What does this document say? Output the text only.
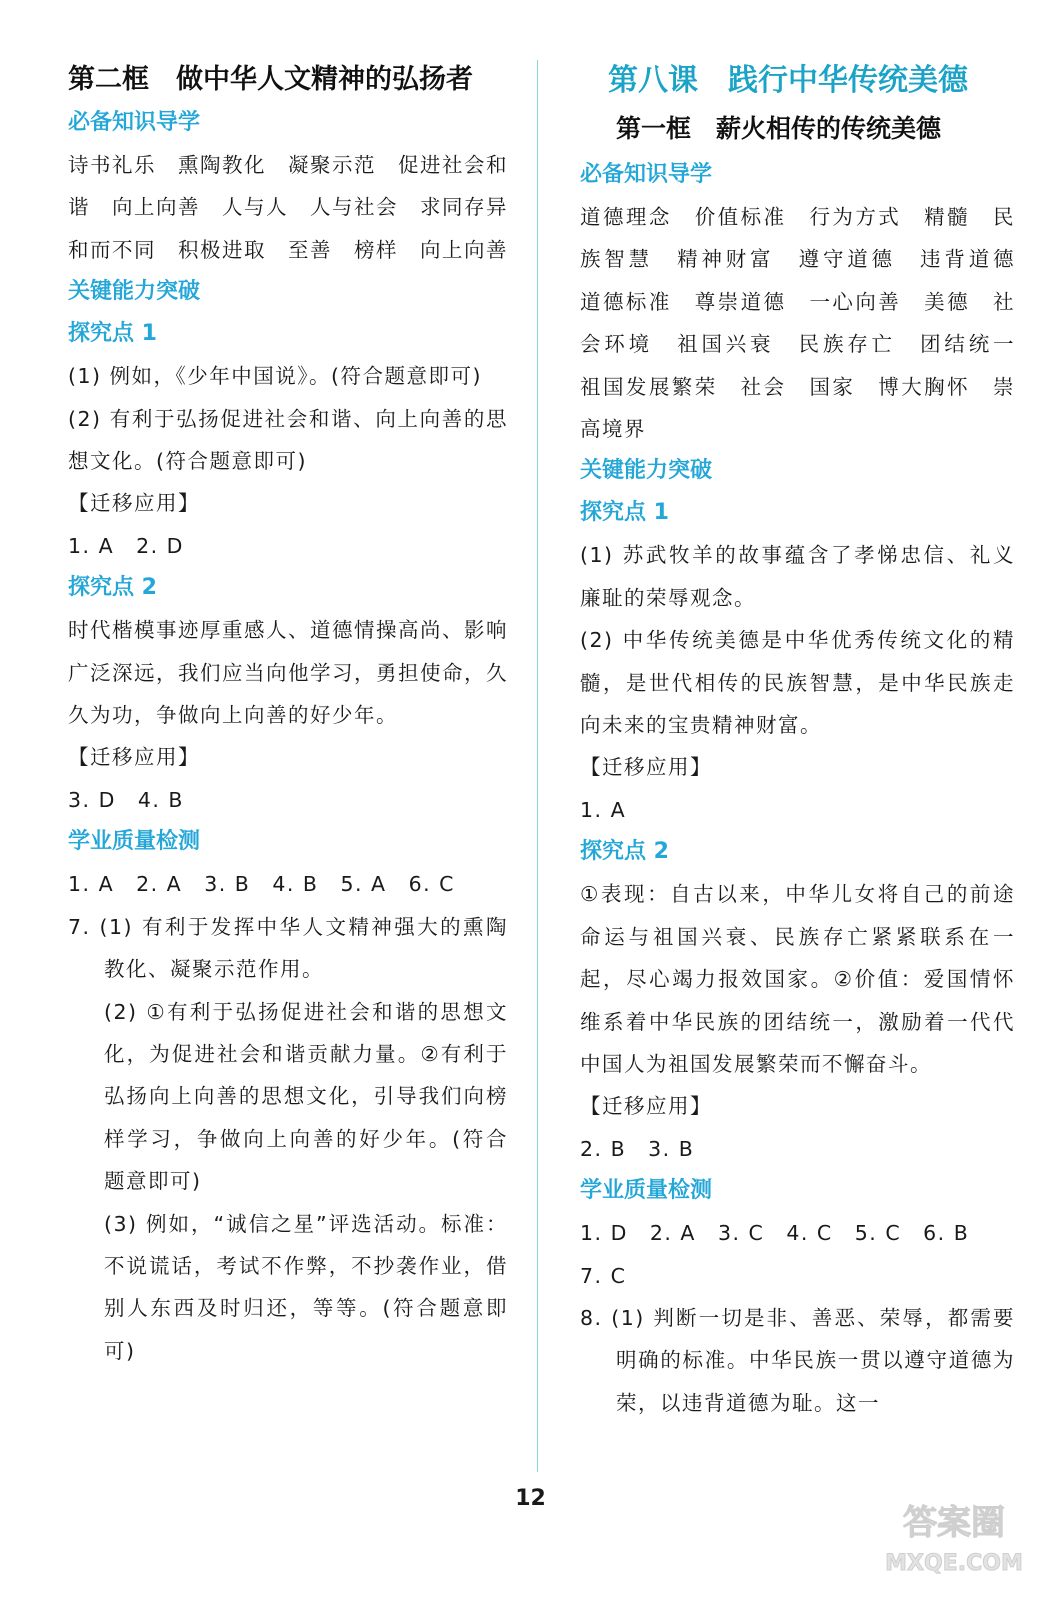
第二框　做中华人文精神的弘扬者
必备知识导学

诗书礼乐　熏陶教化　凝聚示范　促进社会和谐　向上向善　人与人　人与社会　求同存异　和而不同　积极进取　至善　榜样　向上向善

关键能力突破
探究点 1

(1) 例如，《少年中国说》。(符合题意即可)

(2) 有利于弘扬促进社会和谐、向上向善的思想文化。(符合题意即可)

【迁移应用】

1. A　2. D

探究点 2

时代楷模事迹厚重感人、道德情操高尚、影响广泛深远，我们应当向他学习，勇担使命，久久为功，争做向上向善的好少年。

【迁移应用】

3. D　4. B

学业质量检测

1. A　2. A　3. B　4. B　5. A　6. C

7. (1) 有利于发挥中华人文精神强大的熏陶教化、凝聚示范作用。

(2) ①有利于弘扬促进社会和谐的思想文化，为促进社会和谐贡献力量。②有利于弘扬向上向善的思想文化，引导我们向榜样学习，争做向上向善的好少年。(符合题意即可)

(3) 例如，“诚信之星”评选活动。标准：不说谎话，考试不作弊，不抄袭作业，借别人东西及时归还，等等。(符合题意即可)

第八课　践行中华传统美德
第一框　薪火相传的传统美德
必备知识导学

道德理念　价值标准　行为方式　精髓　民族智慧　精神财富　遵守道德　违背道德　道德标准　尊崇道德　一心向善　美德　社会环境　祖国兴衰　民族存亡　团结统一　祖国发展繁荣　社会　国家　博大胸怀　崇高境界

关键能力突破
探究点 1

(1) 苏武牧羊的故事蕴含了孝悌忠信、礼义廉耻的荣辱观念。

(2) 中华传统美德是中华优秀传统文化的精髓，是世代相传的民族智慧，是中华民族走向未来的宝贵精神财富。

【迁移应用】

1. A

探究点 2

①表现：自古以来，中华儿女将自己的前途命运与祖国兴衰、民族存亡紧紧联系在一起，尽心竭力报效国家。②价值：爱国情怀维系着中华民族的团结统一，激励着一代代中国人为祖国发展繁荣而不懈奋斗。

【迁移应用】

2. B　3. B

学业质量检测

1. D　2. A　3. C　4. C　5. C　6. B

7. C

8. (1) 判断一切是非、善恶、荣辱，都需要明确的标准。中华民族一贯以遵守道德为荣，以违背道德为耻。这一

12
答案圈
MXQE.COM
